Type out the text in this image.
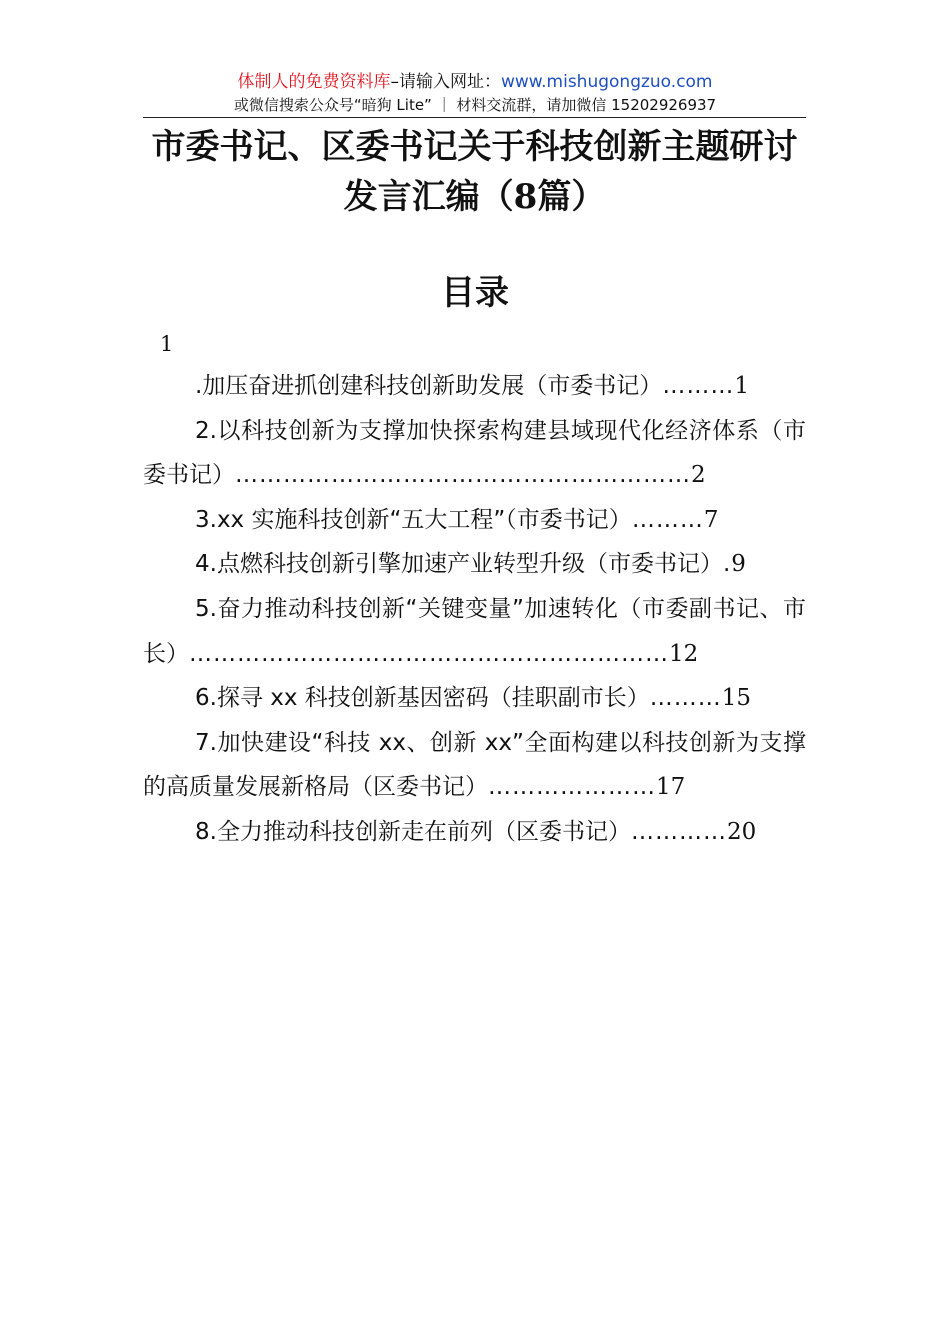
体制人的免费资料库–请输入网址：www.mishugongzuo.com
或微信搜索公众号“暗狗 Lite” ｜ 材料交流群，请加微信 15202926937
市委书记、区委书记关于科技创新主题研讨发言汇编（8篇）
目录
1

.加压奋进抓创建科技创新助发展（市委书记）………1

2.以科技创新为支撑加快探索构建县域现代化经济体系（市委书记）…………………………………………………2

3.xx 实施科技创新“五大工程”（市委书记）………7

4.点燃科技创新引擎加速产业转型升级（市委书记）.9

5.奋力推动科技创新“关键变量”加速转化（市委副书记、市长）……………………………………………………12

6.探寻 xx 科技创新基因密码（挂职副市长）………15

7.加快建设“科技 xx、创新 xx”全面构建以科技创新为支撑的高质量发展新格局（区委书记）…………………17

8.全力推动科技创新走在前列（区委书记）…………20
